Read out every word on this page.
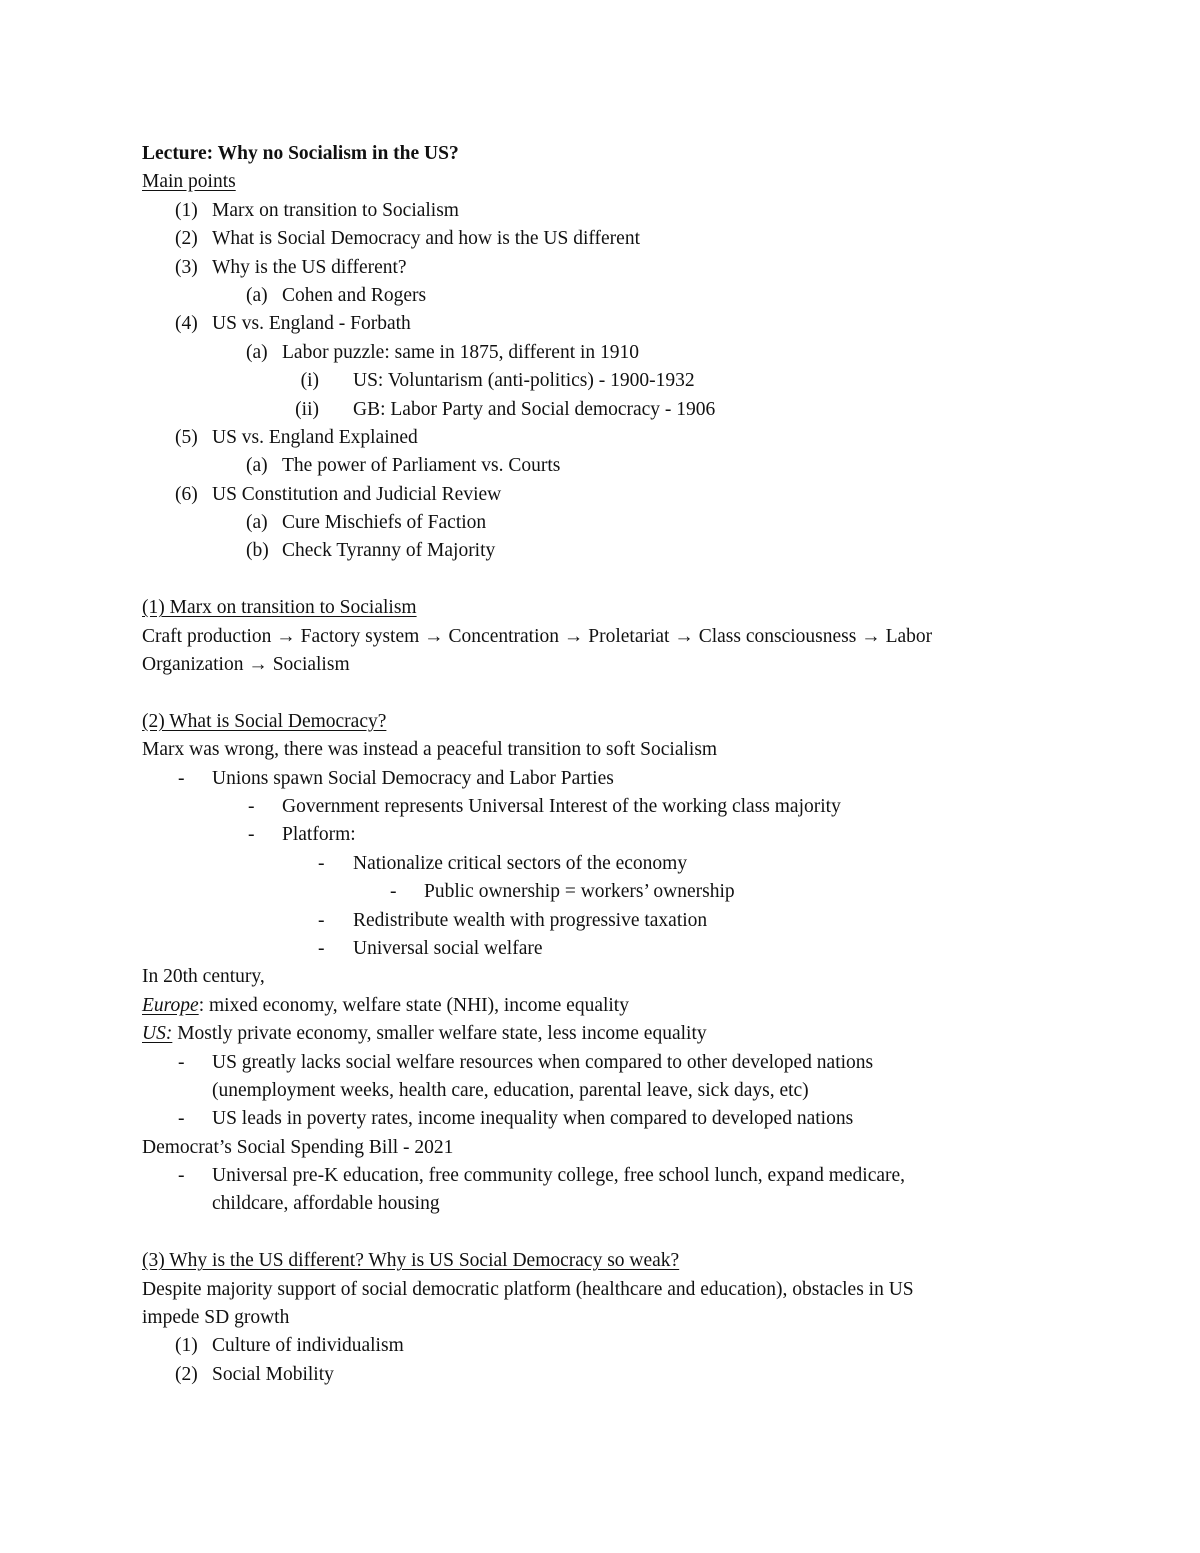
Lecture: Why no Socialism in the US?
Main points
(1) Marx on transition to Socialism
(2) What is Social Democracy and how is the US different
(3) Why is the US different?
(a) Cohen and Rogers
(4) US vs. England - Forbath
(a) Labor puzzle: same in 1875, different in 1910
(i) US: Voluntarism (anti-politics) - 1900-1932
(ii) GB: Labor Party and Social democracy - 1906
(5) US vs. England Explained
(a) The power of Parliament vs. Courts
(6) US Constitution and Judicial Review
(a) Cure Mischiefs of Faction
(b) Check Tyranny of Majority
(1) Marx on transition to Socialism
Craft production → Factory system → Concentration → Proletariat → Class consciousness → Labor
Organization → Socialism
(2) What is Social Democracy?
Marx was wrong, there was instead a peaceful transition to soft Socialism
- Unions spawn Social Democracy and Labor Parties
- Government represents Universal Interest of the working class majority
- Platform:
- Nationalize critical sectors of the economy
- Public ownership = workers’ ownership
- Redistribute wealth with progressive taxation
- Universal social welfare
In 20th century,
Europe: mixed economy, welfare state (NHI), income equality
US: Mostly private economy, smaller welfare state, less income equality
- US greatly lacks social welfare resources when compared to other developed nations
(unemployment weeks, health care, education, parental leave, sick days, etc)
- US leads in poverty rates, income inequality when compared to developed nations
Democrat’s Social Spending Bill - 2021
- Universal pre-K education, free community college, free school lunch, expand medicare,
childcare, affordable housing
(3) Why is the US different? Why is US Social Democracy so weak?
Despite majority support of social democratic platform (healthcare and education), obstacles in US
impede SD growth
(1) Culture of individualism
(2) Social Mobility
